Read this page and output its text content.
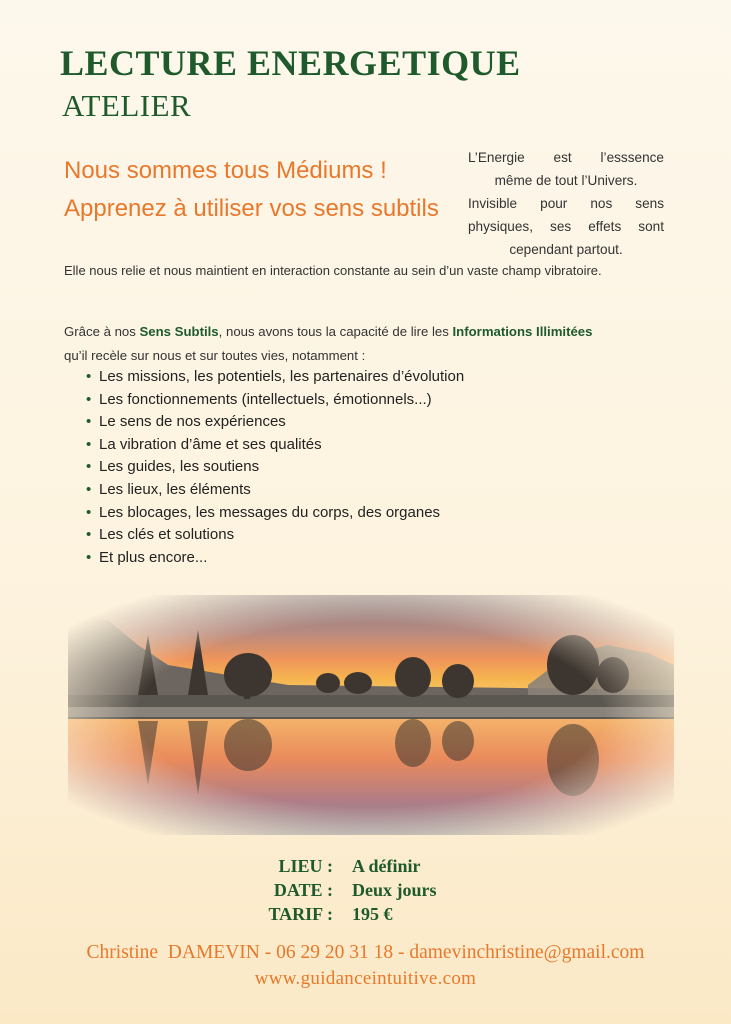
LECTURE ENERGETIQUE
ATELIER
Nous sommes tous Médiums !
Apprenez à utiliser vos sens subtils
L’Energie est l’esssence
même de tout l’Univers.
Invisible pour nos sens
physiques, ses effets sont
cependant partout.
Elle nous relie et nous maintient en interaction constante au sein d’un vaste champ vibratoire.
Grâce à nos Sens Subtils, nous avons tous la capacité de lire les Informations Illimitées
qu’il recèle sur nous et sur toutes vies, notamment :
• Les missions, les potentiels, les partenaires d’évolution
• Les fonctionnements (intellectuels, émotionnels...)
• Le sens de nos expériences
• La vibration d’âme et ses qualités
• Les guides, les soutiens
• Les lieux, les éléments
• Les blocages, les messages du corps, des organes
• Les clés et solutions
• Et plus encore...
LIEU : A définir
DATE : Deux jours
TARIF : 195 €
Christine  DAMEVIN - 06 29 20 31 18 - damevinchristine@gmail.com
www.guidanceintuitive.com
